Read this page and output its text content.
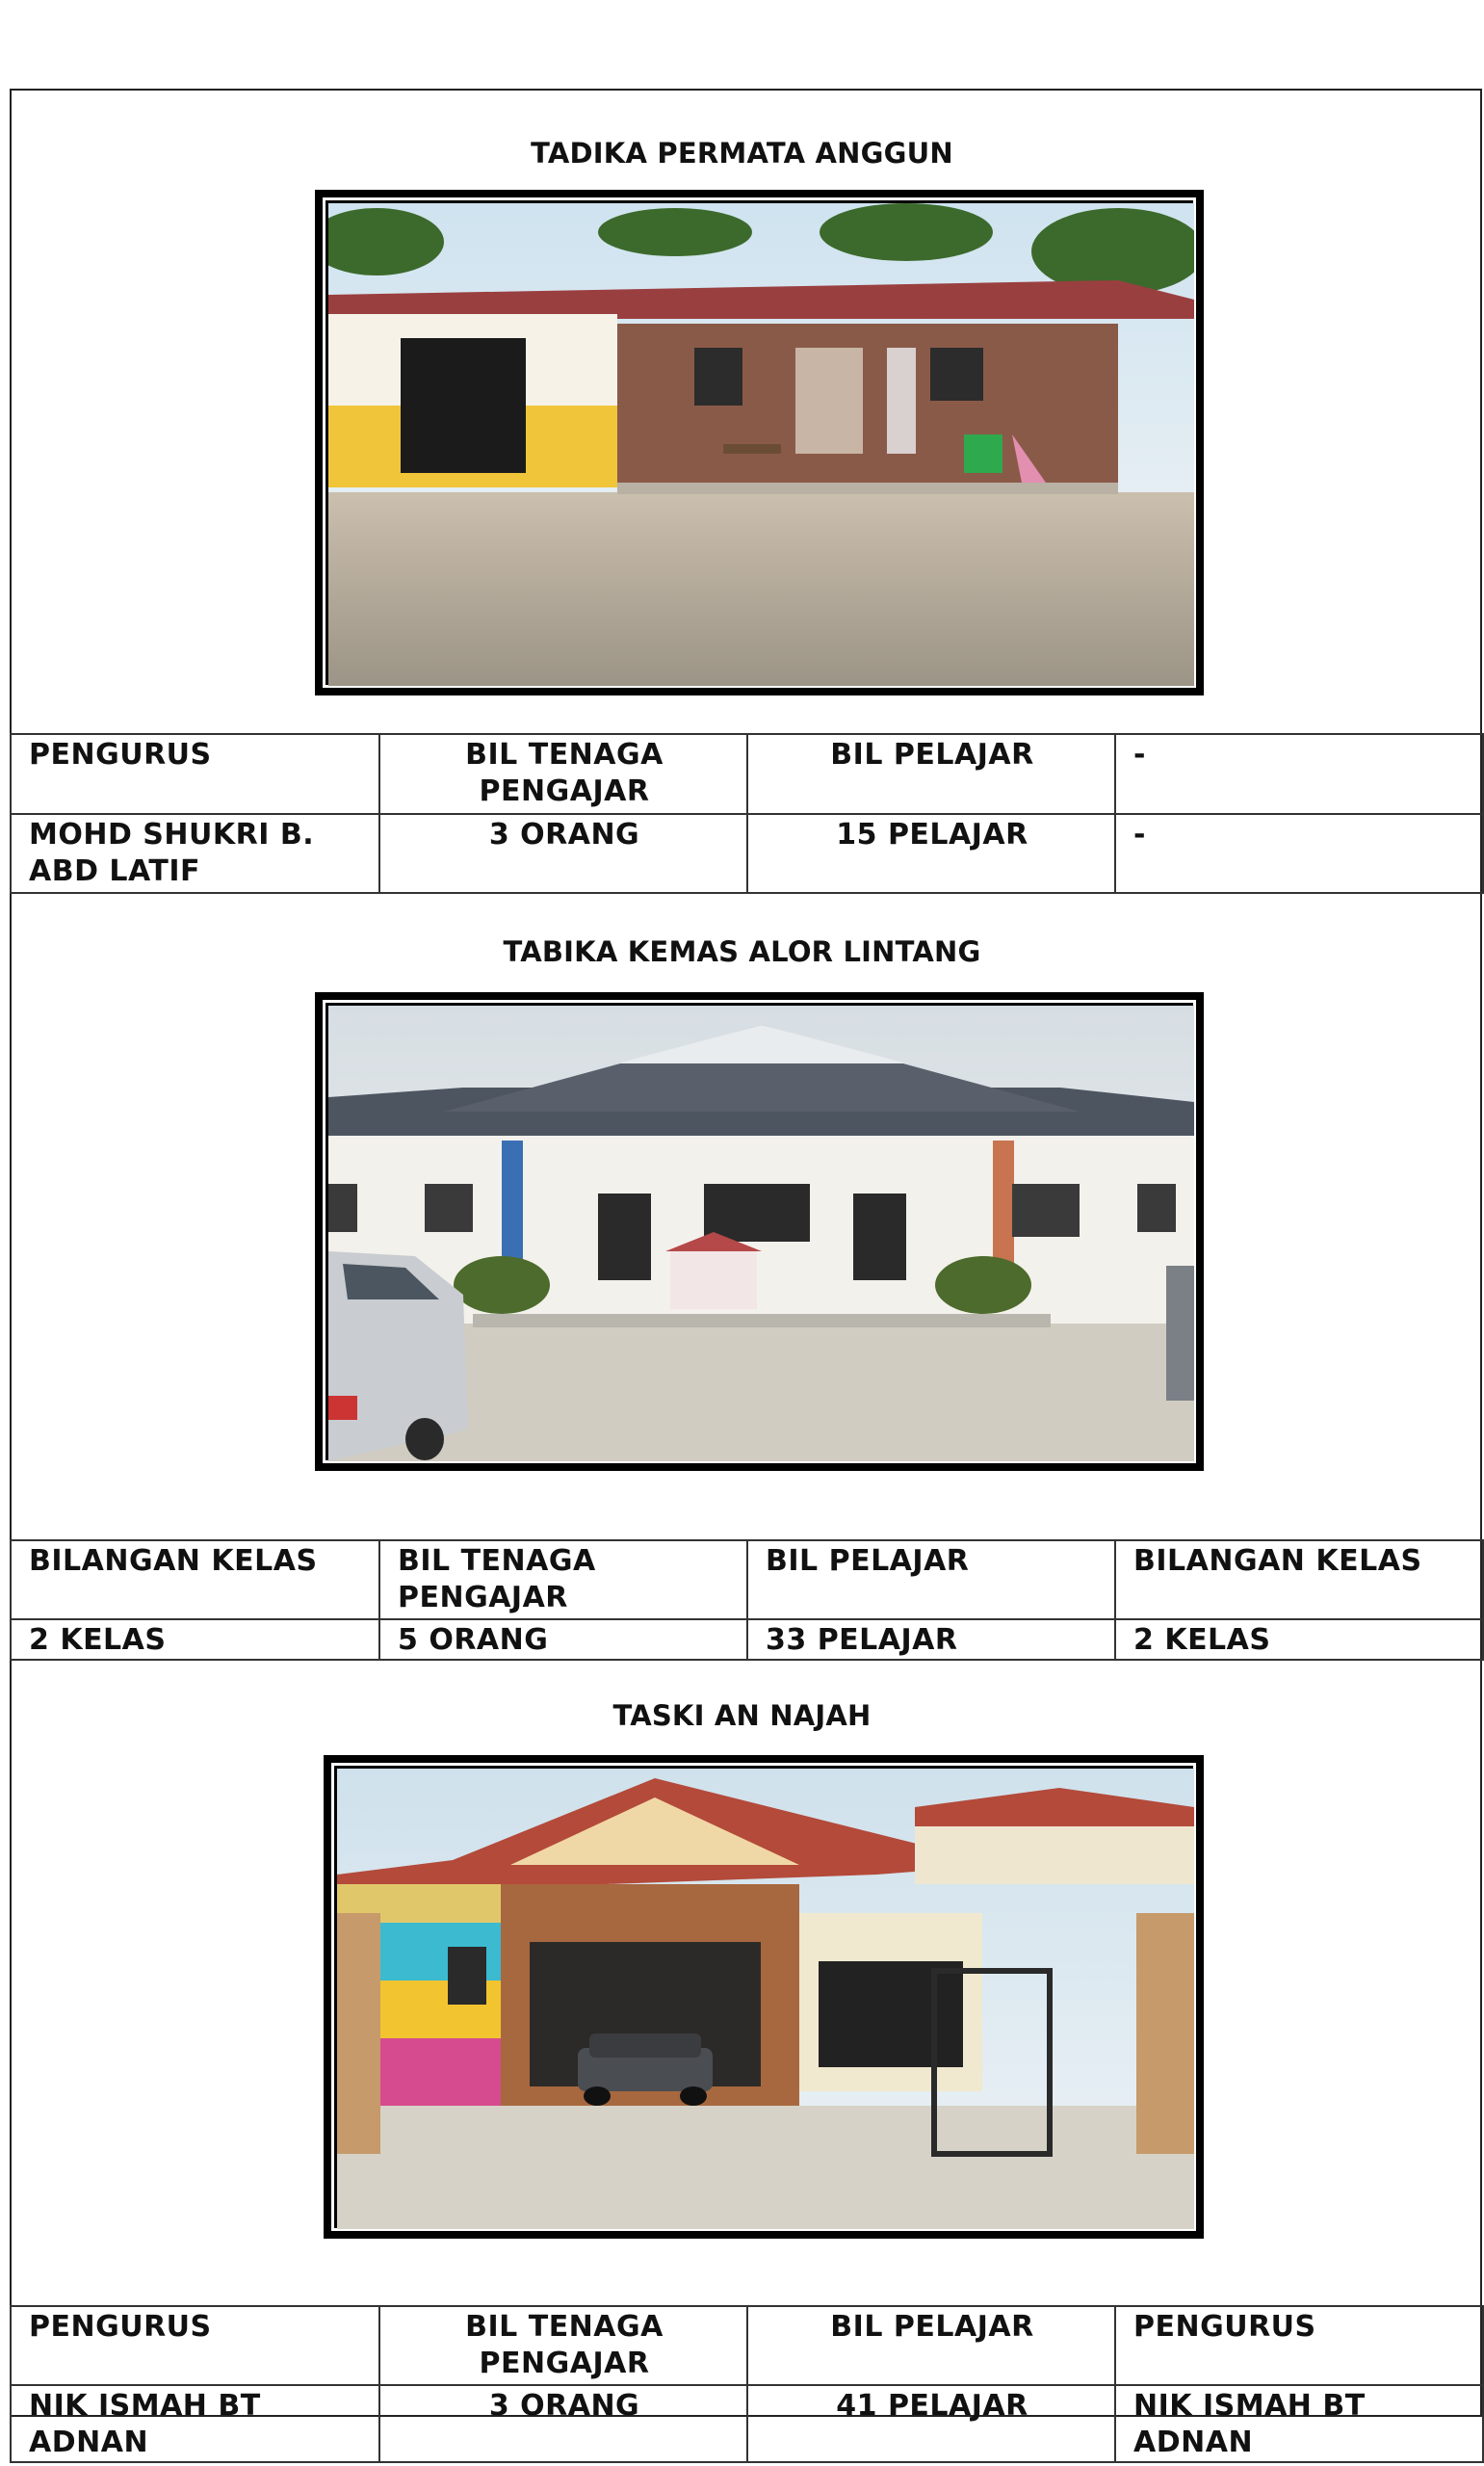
TADIKA PERMATA ANGGUN
PENGURUS	BIL TENAGA PENGAJAR	BIL PELAJAR	-
MOHD SHUKRI B. ABD LATIF	3 ORANG	15 PELAJAR	-
TABIKA KEMAS ALOR LINTANG
BILANGAN KELAS	BIL TENAGA PENGAJAR	BIL PELAJAR	BILANGAN KELAS
2 KELAS	5 ORANG	33 PELAJAR	2 KELAS
TASKI AN NAJAH
PENGURUS	BIL TENAGA PENGAJAR	BIL PELAJAR	PENGURUS
NIK ISMAH BT ADNAN	3 ORANG	41 PELAJAR	NIK ISMAH BT ADNAN
